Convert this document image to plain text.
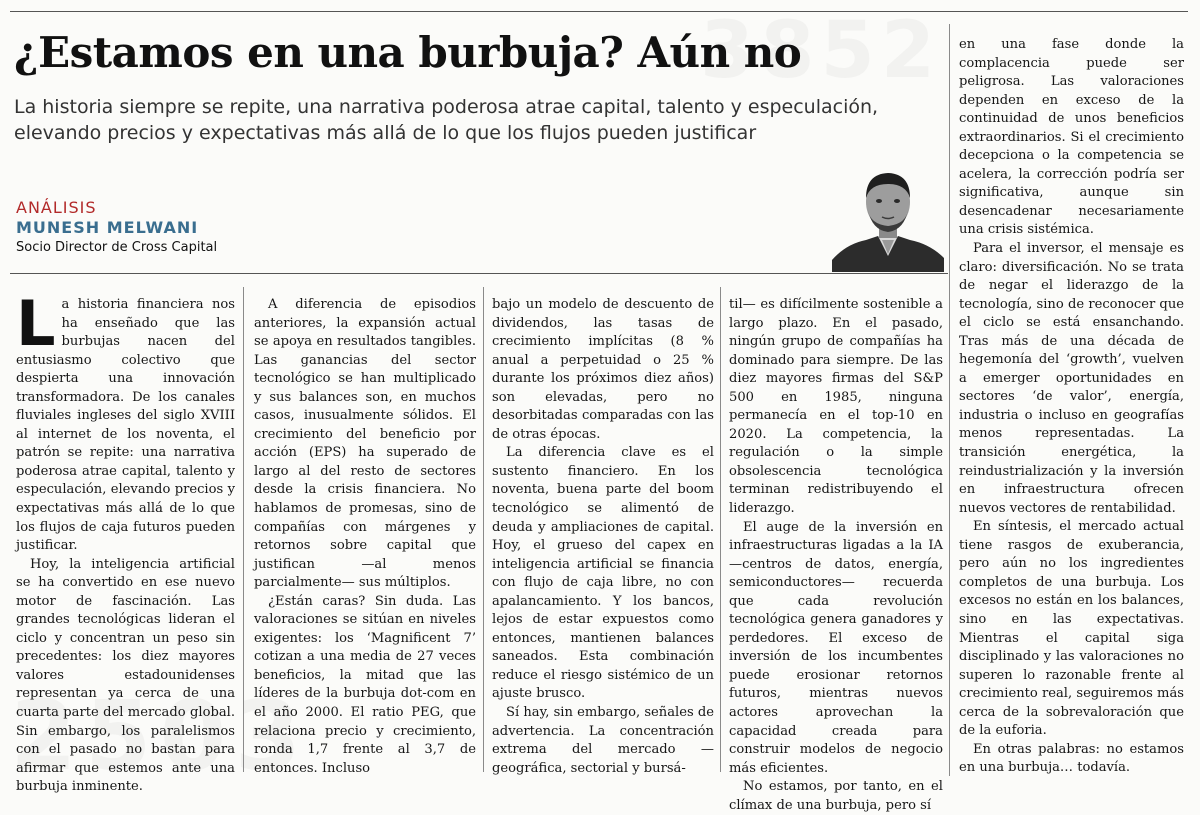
¿Estamos en una burbuja? Aún no

La historia siempre se repite, una narrativa poderosa atrae capital, talento y especulación, elevando precios y expectativas más allá de lo que los flujos pueden justificar

ANÁLISIS
MUNESH MELWANI
Socio Director de Cross Capital

La historia financiera nos ha enseñado que las burbujas nacen del entusiasmo colectivo que despierta una innovación transformadora. De los canales fluviales ingleses del siglo XVIII al internet de los noventa, el patrón se repite: una narrativa poderosa atrae capital, talento y especulación, elevando precios y expectativas más allá de lo que los flujos de caja futuros pueden justificar.

Hoy, la inteligencia artificial se ha convertido en ese nuevo motor de fascinación. Las grandes tecnológicas lideran el ciclo y concentran un peso sin precedentes: los diez mayores valores estadounidenses representan ya cerca de una cuarta parte del mercado global. Sin embargo, los paralelismos con el pasado no bastan para afirmar que estemos ante una burbuja inminente.

A diferencia de episodios anteriores, la expansión actual se apoya en resultados tangibles. Las ganancias del sector tecnológico se han multiplicado y sus balances son, en muchos casos, inusualmente sólidos. El crecimiento del beneficio por acción (EPS) ha superado de largo al del resto de sectores desde la crisis financiera. No hablamos de promesas, sino de compañías con márgenes y retornos sobre capital que justifican —al menos parcialmente— sus múltiplos.

¿Están caras? Sin duda. Las valoraciones se sitúan en niveles exigentes: los ‘Magnificent 7’ cotizan a una media de 27 veces beneficios, la mitad que las líderes de la burbuja dot-com en el año 2000. El ratio PEG, que relaciona precio y crecimiento, ronda 1,7 frente al 3,7 de entonces. Incluso

bajo un modelo de descuento de dividendos, las tasas de crecimiento implícitas (8 % anual a perpetuidad o 25 % durante los próximos diez años) son elevadas, pero no desorbitadas comparadas con las de otras épocas.

La diferencia clave es el sustento financiero. En los noventa, buena parte del boom tecnológico se alimentó de deuda y ampliaciones de capital. Hoy, el grueso del capex en inteligencia artificial se financia con flujo de caja libre, no con apalancamiento. Y los bancos, lejos de estar expuestos como entonces, mantienen balances saneados. Esta combinación reduce el riesgo sistémico de un ajuste brusco.

Sí hay, sin embargo, señales de advertencia. La concentración extrema del mercado —geográfica, sectorial y bursá-

til— es difícilmente sostenible a largo plazo. En el pasado, ningún grupo de compañías ha dominado para siempre. De las diez mayores firmas del S&P 500 en 1985, ninguna permanecía en el top-10 en 2020. La competencia, la regulación o la simple obsolescencia tecnológica terminan redistribuyendo el liderazgo.

El auge de la inversión en infraestructuras ligadas a la IA —centros de datos, energía, semiconductores— recuerda que cada revolución tecnológica genera ganadores y perdedores. El exceso de inversión de los incumbentes puede erosionar retornos futuros, mientras nuevos actores aprovechan la capacidad creada para construir modelos de negocio más eficientes.

No estamos, por tanto, en el clímax de una burbuja, pero sí

en una fase donde la complacencia puede ser peligrosa. Las valoraciones dependen en exceso de la continuidad de unos beneficios extraordinarios. Si el crecimiento decepciona o la competencia se acelera, la corrección podría ser significativa, aunque sin desencadenar necesariamente una crisis sistémica.

Para el inversor, el mensaje es claro: diversificación. No se trata de negar el liderazgo de la tecnología, sino de reconocer que el ciclo se está ensanchando. Tras más de una década de hegemonía del ‘growth’, vuelven a emerger oportunidades en sectores ‘de valor’, energía, industria o incluso en geografías menos representadas. La transición energética, la reindustrialización y la inversión en infraestructura ofrecen nuevos vectores de rentabilidad.

En síntesis, el mercado actual tiene rasgos de exuberancia, pero aún no los ingredientes completos de una burbuja. Los excesos no están en los balances, sino en las expectativas. Mientras el capital siga disciplinado y las valoraciones no superen lo razonable frente al crecimiento real, seguiremos más cerca de la sobrevaloración que de la euforia.

En otras palabras: no estamos en una burbuja… todavía.
